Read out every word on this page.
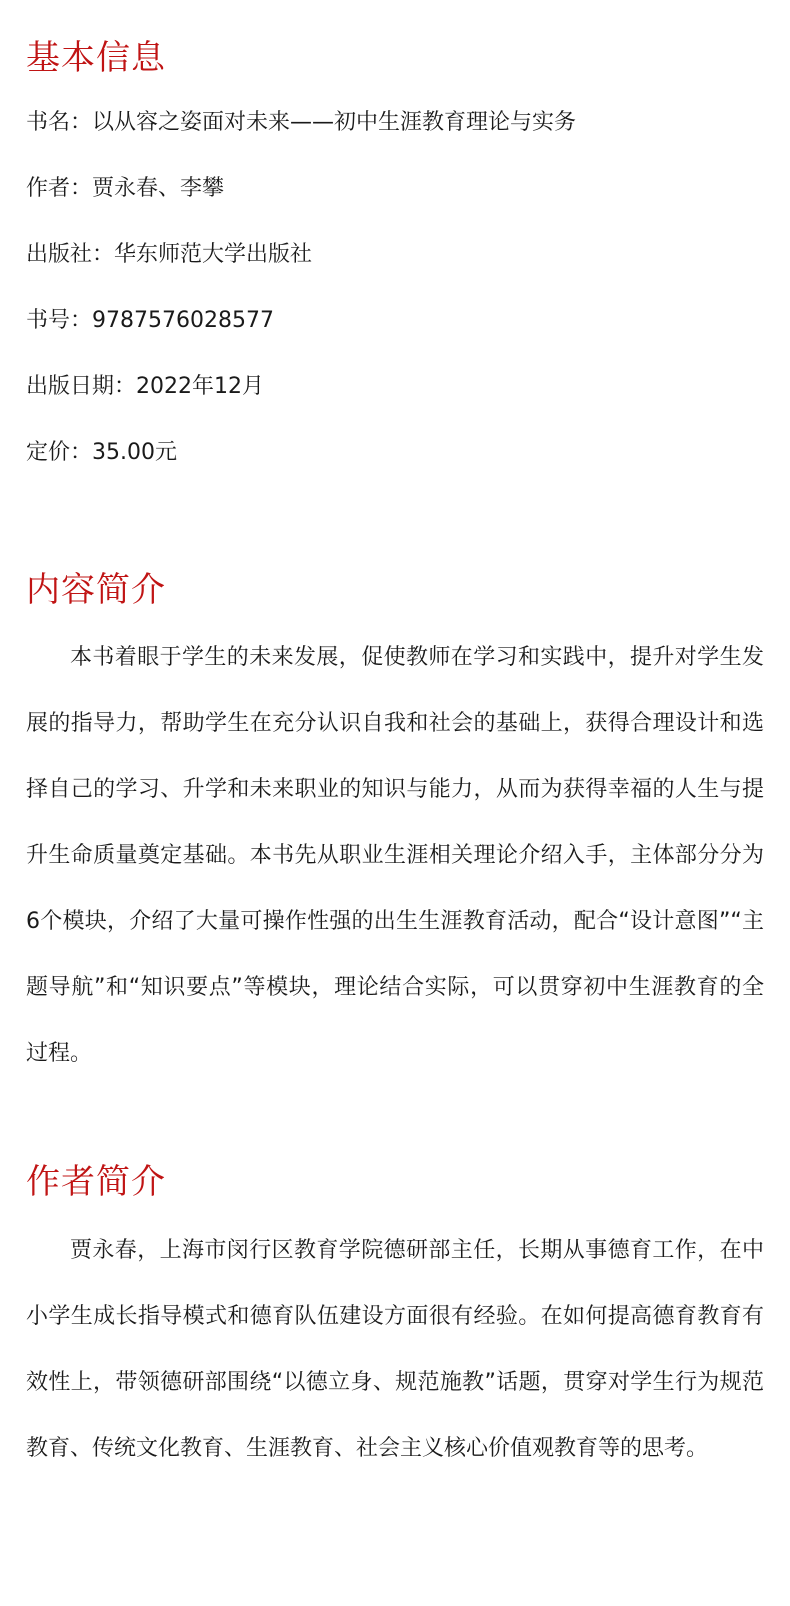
基本信息

书名：以从容之姿面对未来——初中生涯教育理论与实务

作者：贾永春、李攀

出版社：华东师范大学出版社

书号：9787576028577

出版日期：2022年12月

定价：35.00元

内容简介

本书着眼于学生的未来发展，促使教师在学习和实践中，提升对学生发展的指导力，帮助学生在充分认识自我和社会的基础上，获得合理设计和选择自己的学习、升学和未来职业的知识与能力，从而为获得幸福的人生与提升生命质量奠定基础。本书先从职业生涯相关理论介绍入手，主体部分分为6个模块，介绍了大量可操作性强的出生生涯教育活动，配合“设计意图”“主题导航”和“知识要点”等模块，理论结合实际，可以贯穿初中生涯教育的全过程。

作者简介

贾永春，上海市闵行区教育学院德研部主任，长期从事德育工作，在中小学生成长指导模式和德育队伍建设方面很有经验。在如何提高德育教育有效性上，带领德研部围绕“以德立身、规范施教”话题，贯穿对学生行为规范教育、传统文化教育、生涯教育、社会主义核心价值观教育等的思考。
